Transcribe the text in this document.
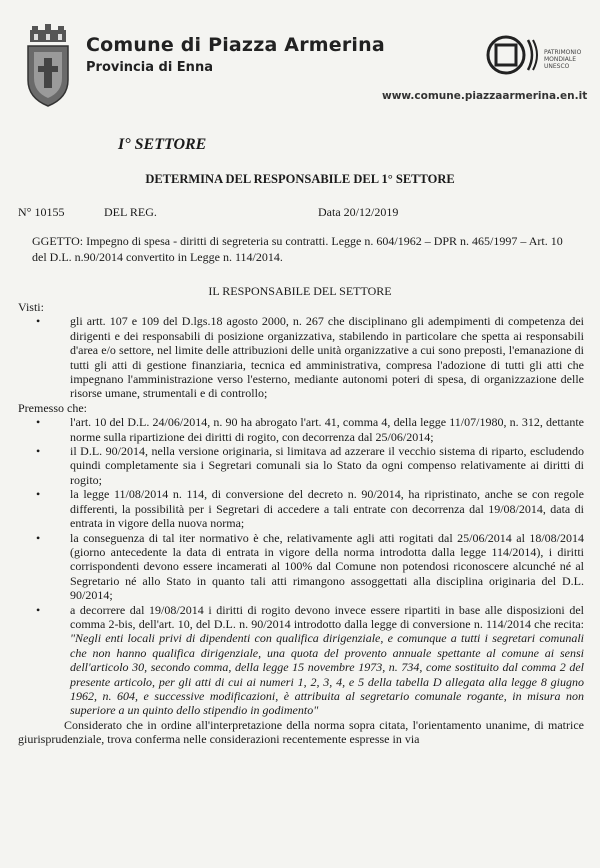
Comune di Piazza Armerina
Provincia di Enna
PATRIMONIO
MONDIALE
UNESCO
www.comune.piazzaarmerina.en.it
I° SETTORE
DETERMINA DEL RESPONSABILE DEL 1° SETTORE
N° 10155	DEL REG.	Data 20/12/2019
GGETTO: Impegno di spesa - diritti di segreteria su contratti. Legge n. 604/1962 – DPR n. 465/1997 – Art. 10 del D.L. n.90/2014 convertito in Legge n. 114/2014.
IL RESPONSABILE DEL SETTORE

Visti:

• gli artt. 107 e 109 del D.lgs.18 agosto 2000, n. 267 che disciplinano gli adempimenti di competenza dei dirigenti e dei responsabili di posizione organizzativa, stabilendo in particolare che spetta ai responsabili d'area e/o settore, nel limite delle attribuzioni delle unità organizzative a cui sono preposti, l'emanazione di tutti gli atti di gestione finanziaria, tecnica ed amministrativa, compresa l'adozione di tutti gli atti che impegnano l'amministrazione verso l'esterno, mediante autonomi poteri di spesa, di organizzazione delle risorse umane, strumentali e di controllo;

Premesso che:

• l'art. 10 del D.L. 24/06/2014, n. 90 ha abrogato l'art. 41, comma 4, della legge 11/07/1980, n. 312, dettante norme sulla ripartizione dei diritti di rogito, con decorrenza dal 25/06/2014;
• il D.L. 90/2014, nella versione originaria, si limitava ad azzerare il vecchio sistema di riparto, escludendo quindi completamente sia i Segretari comunali sia lo Stato da ogni compenso relativamente ai diritti di rogito;
• la legge 11/08/2014 n. 114, di conversione del decreto n. 90/2014, ha ripristinato, anche se con regole differenti, la possibilità per i Segretari di accedere a tali entrate con decorrenza dal 19/08/2014, data di entrata in vigore della nuova norma;
• la conseguenza di tal iter normativo è che, relativamente agli atti rogitati dal 25/06/2014 al 18/08/2014 (giorno antecedente la data di entrata in vigore della norma introdotta dalla legge 114/2014), i diritti corrispondenti devono essere incamerati al 100% dal Comune non potendosi riconoscere alcunché né al Segretario né allo Stato in quanto tali atti rimangono assoggettati alla disciplina originaria del D.L. 90/2014;
• a decorrere dal 19/08/2014 i diritti di rogito devono invece essere ripartiti in base alle disposizioni del comma 2-bis, dell'art. 10, del D.L. n. 90/2014 introdotto dalla legge di conversione n. 114/2014 che recita: "Negli enti locali privi di dipendenti con qualifica dirigenziale, e comunque a tutti i segretari comunali che non hanno qualifica dirigenziale, una quota del provento annuale spettante al comune ai sensi dell'articolo 30, secondo comma, della legge 15 novembre 1973, n. 734, come sostituito dal comma 2 del presente articolo, per gli atti di cui ai numeri 1, 2, 3, 4, e 5 della tabella D allegata alla legge 8 giugno 1962, n. 604, e successive modificazioni, è attribuita al segretario comunale rogante, in misura non superiore a un quinto dello stipendio in godimento"

Considerato che in ordine all'interpretazione della norma sopra citata, l'orientamento unanime, di matrice giurisprudenziale, trova conferma nelle considerazioni recentemente espresse in via
